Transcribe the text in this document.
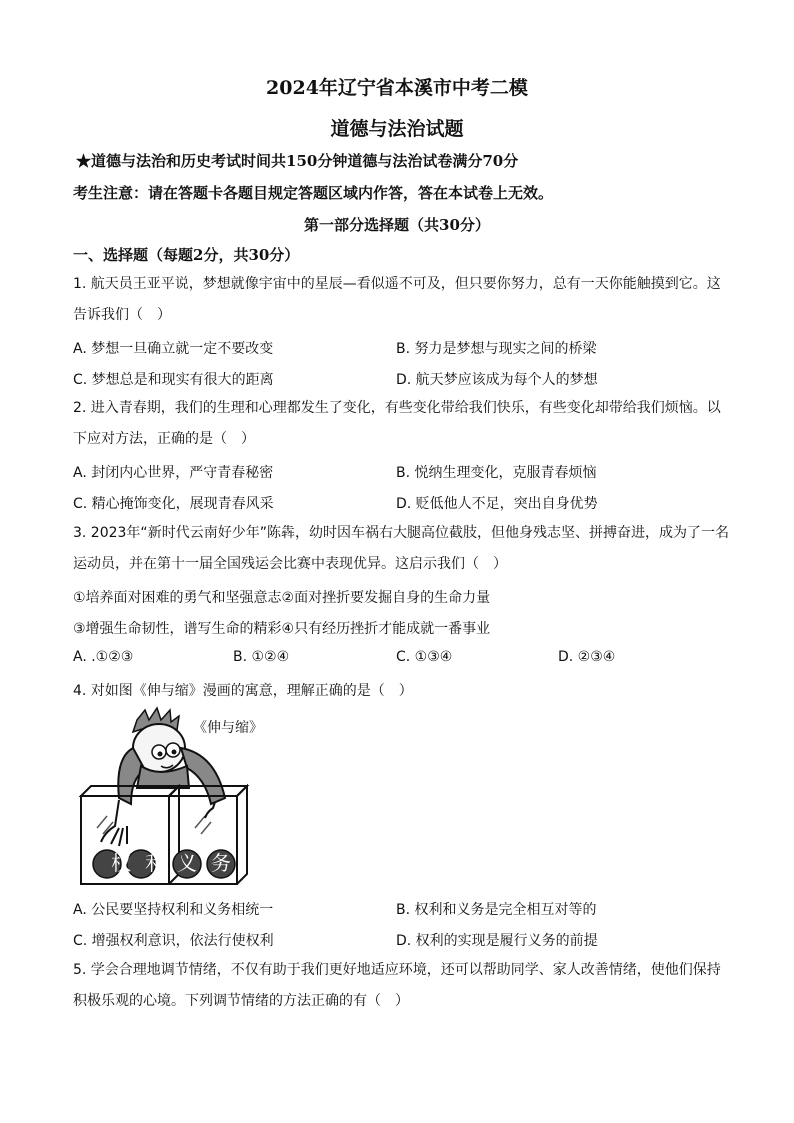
2024年辽宁省本溪市中考二模
道德与法治试题
★道德与法治和历史考试时间共150分钟道德与法治试卷满分70分
考生注意：请在答题卡各题目规定答题区域内作答，答在本试卷上无效。
第一部分选择题（共30分）
一、选择题（每题2分，共30分）
1. 航天员王亚平说，梦想就像宇宙中的星辰—看似遥不可及，但只要你努力，总有一天你能触摸到它。这告诉我们（　）
A. 梦想一旦确立就一定不要改变	B. 努力是梦想与现实之间的桥梁
C. 梦想总是和现实有很大的距离	D. 航天梦应该成为每个人的梦想
2. 进入青春期，我们的生理和心理都发生了变化，有些变化带给我们快乐，有些变化却带给我们烦恼。以下应对方法，正确的是（　）
A. 封闭内心世界，严守青春秘密	B. 悦纳生理变化，克服青春烦恼
C. 精心掩饰变化，展现青春风采	D. 贬低他人不足，突出自身优势
3. 2023年“新时代云南好少年”陈犇，幼时因车祸右大腿高位截肢，但他身残志坚、拼搏奋进，成为了一名运动员，并在第十一届全国残运会比赛中表现优异。这启示我们（　）
①培养面对困难的勇气和坚强意志②面对挫折要发掘自身的生命力量
③增强生命韧性，谱写生命的精彩④只有经历挫折才能成就一番事业
A. .①②③	B. ①②④	C. ①③④	D. ②③④
4. 对如图《伸与缩》漫画的寓意，理解正确的是（　）
《伸与缩》
权利
义务
A. 公民要坚持权利和义务相统一	B. 权利和义务是完全相互对等的
C. 增强权利意识，依法行使权利	D. 权利的实现是履行义务的前提
5. 学会合理地调节情绪，不仅有助于我们更好地适应环境，还可以帮助同学、家人改善情绪，使他们保持积极乐观的心境。下列调节情绪的方法正确的有（　）
